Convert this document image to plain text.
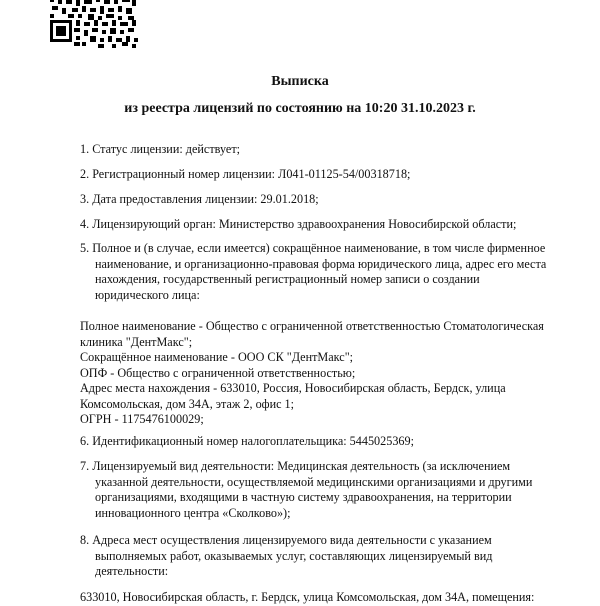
Выписка
из реестра лицензий по состоянию на 10:20 31.10.2023 г.
1. Статус лицензии: действует;
2. Регистрационный номер лицензии: Л041-01125-54/00318718;
3. Дата предоставления лицензии: 29.01.2018;
4. Лицензирующий орган: Министерство здравоохранения Новосибирской области;
5. Полное и (в случае, если имеется) сокращённое наименование, в том числе фирменное
наименование, и организационно-правовая форма юридического лица, адрес его места
нахождения, государственный регистрационный номер записи о создании
юридического лица:
Полное наименование - Общество с ограниченной ответственностью Стоматологическая
клиника "ДентМакс";
Сокращённое наименование - ООО СК "ДентМакс";
ОПФ - Общество с ограниченной ответственностью;
Адрес места нахождения - 633010, Россия, Новосибирская область, Бердск, улица
Комсомольская, дом 34А, этаж 2, офис 1;
ОГРН - 1175476100029;
6. Идентификационный номер налогоплательщика: 5445025369;
7. Лицензируемый вид деятельности: Медицинская деятельность (за исключением
указанной деятельности, осуществляемой медицинскими организациями и другими
организациями, входящими в частную систему здравоохранения, на территории
инновационного центра «Сколково»);
8. Адреса мест осуществления лицензируемого вида деятельности с указанием
выполняемых работ, оказываемых услуг, составляющих лицензируемый вид
деятельности:
633010, Новосибирская область, г. Бердск, улица Комсомольская, дом 34А, помещения:
